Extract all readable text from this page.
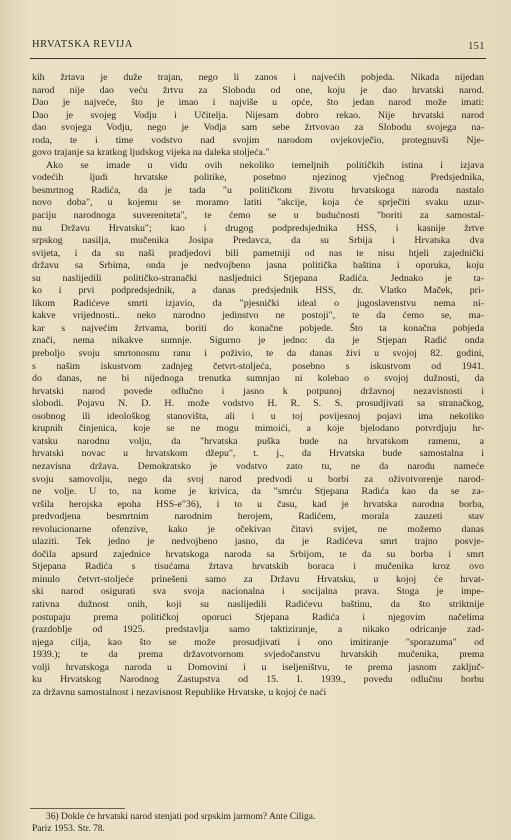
HRVATSKA REVIJA	151
kih žrtava je duže trajan, nego li zanos i najvećih pobjeda. Nikada nijedan
narod nije dao veću žrtvu za Slobodu od one, koju je dao hrvatski narod.
Dao je najveće, što je imao i najviše u opće, što jedan narod može imati:
Dao je svojeg Vodju i Učitelja. Nijesam dobro rekao. Nije hrvatski narod
dao svojega Vodju, nego je Vodja sam sebe žrtvovao za Slobodu svojega na-
roda, te i time vodstvo nad svojim narodom ovjekovječio, protegnuvši Nje-
govo trajanje sa kratkog ljudskog vijeka na daleka stoljeća."
Ako se imade u vidu ovih nekoliko temeljnih političkih istina i izjava
vodećih ljudi hrvatske politike, posebno njezinog vječnog Predsjednika,
besmrtnog Radića, da je tada "u političkom životu hrvatskoga naroda nastalo
novo doba", u kojemu se moramo latiti "akcije, koja će sprječiti svaku uzur-
paciju narodnoga suvereniteta", te ćemo se u budućnosti "boriti za samostal-
nu Državu Hrvatsku"; kao i drugog podpredsjednika HSS, i kasnije žrtve
srpskog nasilja, mučenika Josipa Predavca, da su Srbija i Hrvatska dva
svijeta, i da su naši pradjedovi bili pametniji od nas te nisu htjeli zajednički
državu sa Srbima, onda je nedvojbeno jasna politička baština i oporuka, koju
su naslijedili političko-stranački nasljednici Stjepana Radića. Jednako je ta-
ko i prvi podpredsjednik, a danas predsjednik HSS, dr. Vlatko Maček, pri-
likom Radićeve smrti izjavio, da "pjesnički ideal o jugoslavenstvu nema ni-
kakve vrijednosti.. neko narodno jedinstvo ne postoji", te da ćemo se, ma-
kar s najvećim žrtvama, boriti do konačne pobjede. Što ta konačna pobjeda
znači, nema nikakve sumnje. Sigurno je jedno: da je Stjepan Radić onda
preboljo svoju smrtonosnu ranu i poživio, te da danas živi u svojoj 82. godini,
s našim iskustvom zadnjeg četvrt-stoljeća, posebno s iskustvom od 1941.
do danas, ne bi nijednoga trenutka sumnjao ni kolebao o svojoj dužnosti, da
hrvatski narod povede odlučno i jasno k potpunoj državnoj nezavisnosti i
slobodi. Pojavu N. D. H. može vodstvo H. R. S. S. prosudjivati sa stranačkog,
osobnog ili ideološkog stanovišta, ali i u toj povijesnoj pojavi ima nekoliko
krupnih činjenica, koje se ne mogu mimoići, a koje bjelodano potvrdjuju hr-
vatsku narodnu volju, da "hrvatska puška bude na hrvatskom ramenu, a
hrvatski novac u hrvatskom džepu", t. j., da Hrvatska bude samostalna i
nezavisna država. Demokratsko je vodstvo zato tu, ne da narodu nameće
svoju samovolju, nego da svoj narod predvodi u borbi za oživotvorenje narod-
ne volje. U to, na kome je krivica, da "smrću Stjepana Radića kao da se za-
vršila herojska epoha HSS-e"36), i to u času, kad je hrvatska narodna borba,
predvodjena besmrtnim narodnim herojem, Radićem, morala zauzeti stav
revolucionarne ofenzive, kako je očekivao čitavi svijet, ne možemo danas
ulaziti. Tek jedno je nedvojbeno jasno, da je Radićeva smrt trajno posvje-
dočila apsurd zajednice hrvatskoga naroda sa Srbijom, te da su borba i smrt
Stjepana Radića s tisućama žrtava hrvatskih boraca i mučenika kroz ovo
minulo četvrt-stoljeće prinešeni samo za Državu Hrvatsku, u kojoj će hrvat-
ski narod osigurati sva svoja nacionalna i socijalna prava. Stoga je impe-
rativna dužnost onih, koji su naslijedili Radićevu baštinu, da što striktnije
postupaju prema političkoj oporuci Stjepana Radića i njegovim načelima
(razdoblje od 1925. predstavlja samo taktiziranje, a nikako odricanje zad-
njega cilja, kao što se može prosudjivati i ono imitiranje "sporazuma" od
1939.); te da prema državotvornom svjedočanstvu hrvatskih mučenika, prema
volji hrvatskoga naroda u Domovini i u iseljeništvu, te prema jasnom zaključ-
ku Hrvatskog Narodnog Zastupstva od 15. I. 1939., povedu odlučnu borbu
za državnu samostalnost i nezavisnost Republike Hrvatske, u kojoj će naći
36) Dokle će hrvatski narod stenjati pod srpskim jarmom? Ante Ciliga.
Pariz 1953. Str. 78.
